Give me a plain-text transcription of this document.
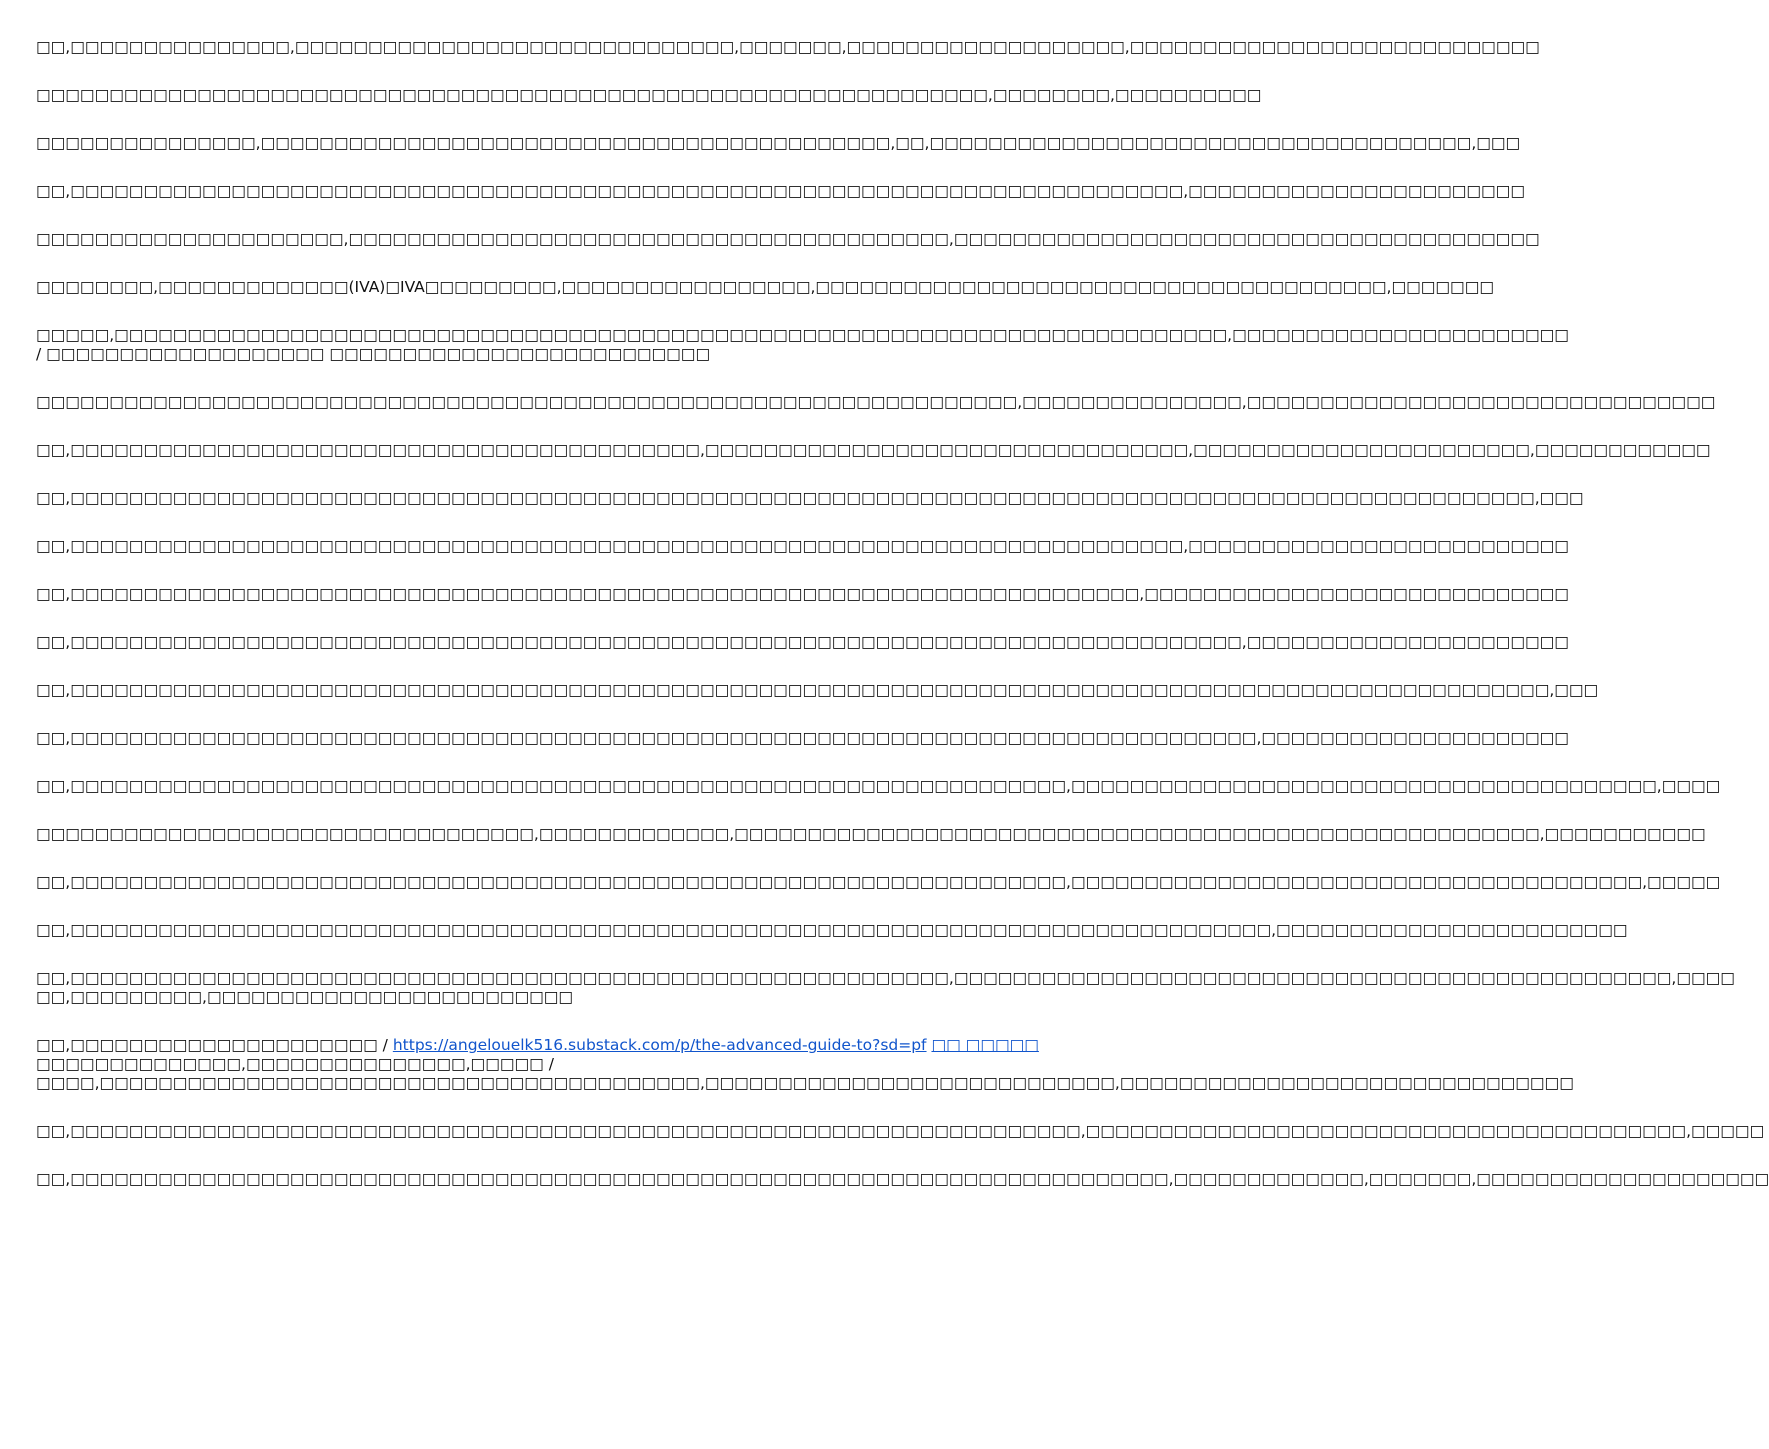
□□,□□□□□□□□□□□□□□□,□□□□□□□□□□□□□□□□□□□□□□□□□□□□□□,□□□□□□□,□□□□□□□□□□□□□□□□□□□,□□□□□□□□□□□□□□□□□□□□□□□□□□□□

□□□□□□□□□□□□□□□□□□□□□□□□□□□□□□□□□□□□□□□□□□□□□□□□□□□□□□□□□□□□□□□□□,□□□□□□□□,□□□□□□□□□□

□□□□□□□□□□□□□□□,□□□□□□□□□□□□□□□□□□□□□□□□□□□□□□□□□□□□□□□□□□□,□□,□□□□□□□□□□□□□□□□□□□□□□□□□□□□□□□□□□□□□,□□□

□□,□□□□□□□□□□□□□□□□□□□□□□□□□□□□□□□□□□□□□□□□□□□□□□□□□□□□□□□□□□□□□□□□□□□□□□□□□□□□,□□□□□□□□□□□□□□□□□□□□□□□

□□□□□□□□□□□□□□□□□□□□□,□□□□□□□□□□□□□□□□□□□□□□□□□□□□□□□□□□□□□□□□□,□□□□□□□□□□□□□□□□□□□□□□□□□□□□□□□□□□□□□□□□

□□□□□□□□,□□□□□□□□□□□□□(IVA)□IVA□□□□□□□□□,□□□□□□□□□□□□□□□□□,□□□□□□□□□□□□□□□□□□□□□□□□□□□□□□□□□□□□□□□,□□□□□□□

□□□□□,□□□□□□□□□□□□□□□□□□□□□□□□□□□□□□□□□□□□□□□□□□□□□□□□□□□□□□□□□□□□□□□□□□□□□□□□□□□□,□□□□□□□□□□□□□□□□□□□□□□□
/ □□□□□□□□□□□□□□□□□□□ □□□□□□□□□□□□□□□□□□□□□□□□□□

□□□□□□□□□□□□□□□□□□□□□□□□□□□□□□□□□□□□□□□□□□□□□□□□□□□□□□□□□□□□□□□□□□□,□□□□□□□□□□□□□□□,□□□□□□□□□□□□□□□□□□□□□□□□□□□□□□□□

□□,□□□□□□□□□□□□□□□□□□□□□□□□□□□□□□□□□□□□□□□□□□□,□□□□□□□□□□□□□□□□□□□□□□□□□□□□□□□□□,□□□□□□□□□□□□□□□□□□□□□□□,□□□□□□□□□□□□

□□,□□□□□□□□□□□□□□□□□□□□□□□□□□□□□□□□□□□□□□□□□□□□□□□□□□□□□□□□□□□□□□□□□□□□□□□□□□□□□□□□□□□□□□□□□□□□□□□□□□□□,□□□

□□,□□□□□□□□□□□□□□□□□□□□□□□□□□□□□□□□□□□□□□□□□□□□□□□□□□□□□□□□□□□□□□□□□□□□□□□□□□□□,□□□□□□□□□□□□□□□□□□□□□□□□□□

□□,□□□□□□□□□□□□□□□□□□□□□□□□□□□□□□□□□□□□□□□□□□□□□□□□□□□□□□□□□□□□□□□□□□□□□□□□□,□□□□□□□□□□□□□□□□□□□□□□□□□□□□□

□□,□□□□□□□□□□□□□□□□□□□□□□□□□□□□□□□□□□□□□□□□□□□□□□□□□□□□□□□□□□□□□□□□□□□□□□□□□□□□□□□□,□□□□□□□□□□□□□□□□□□□□□□

□□,□□□□□□□□□□□□□□□□□□□□□□□□□□□□□□□□□□□□□□□□□□□□□□□□□□□□□□□□□□□□□□□□□□□□□□□□□□□□□□□□□□□□□□□□□□□□□□□□□□□□□,□□□

□□,□□□□□□□□□□□□□□□□□□□□□□□□□□□□□□□□□□□□□□□□□□□□□□□□□□□□□□□□□□□□□□□□□□□□□□□□□□□□□□□□□,□□□□□□□□□□□□□□□□□□□□□

□□,□□□□□□□□□□□□□□□□□□□□□□□□□□□□□□□□□□□□□□□□□□□□□□□□□□□□□□□□□□□□□□□□□□□□,□□□□□□□□□□□□□□□□□□□□□□□□□□□□□□□□□□□□□□□□,□□□□

□□□□□□□□□□□□□□□□□□□□□□□□□□□□□□□□□□,□□□□□□□□□□□□□,□□□□□□□□□□□□□□□□□□□□□□□□□□□□□□□□□□□□□□□□□□□□□□□□□□□□□□□,□□□□□□□□□□□

□□,□□□□□□□□□□□□□□□□□□□□□□□□□□□□□□□□□□□□□□□□□□□□□□□□□□□□□□□□□□□□□□□□□□□□,□□□□□□□□□□□□□□□□□□□□□□□□□□□□□□□□□□□□□□□,□□□□□

□□,□□□□□□□□□□□□□□□□□□□□□□□□□□□□□□□□□□□□□□□□□□□□□□□□□□□□□□□□□□□□□□□□□□□□□□□□□□□□□□□□□□,□□□□□□□□□□□□□□□□□□□□□□□□

□□,□□□□□□□□□□□□□□□□□□□□□□□□□□□□□□□□□□□□□□□□□□□□□□□□□□□□□□□□□□□□,□□□□□□□□□□□□□□□□□□□□□□□□□□□□□□□□□□□□□□□□□□□□□□□□□,□□□□
□□,□□□□□□□□□,□□□□□□□□□□□□□□□□□□□□□□□□□

□□,□□□□□□□□□□□□□□□□□□□□□ / https://angelouelk516.substack.com/p/the-advanced-guide-to?sd=pf □□ □□□□□
□□□□□□□□□□□□□□,□□□□□□□□□□□□□□□,□□□□□ /
□□□□,□□□□□□□□□□□□□□□□□□□□□□□□□□□□□□□□□□□□□□□□□,□□□□□□□□□□□□□□□□□□□□□□□□□□□□,□□□□□□□□□□□□□□□□□□□□□□□□□□□□□□□

□□,□□□□□□□□□□□□□□□□□□□□□□□□□□□□□□□□□□□□□□□□□□□□□□□□□□□□□□□□□□□□□□□□□□□□□,□□□□□□□□□□□□□□□□□□□□□□□□□□□□□□□□□□□□□□□□□,□□□□□

□□,□□□□□□□□□□□□□□□□□□□□□□□□□□□□□□□□□□□□□□□□□□□□□□□□□□□□□□□□□□□□□□□□□□□□□□□□□□□,□□□□□□□□□□□□□,□□□□□□□,□□□□□□□□□□□□□□□□□□□□
